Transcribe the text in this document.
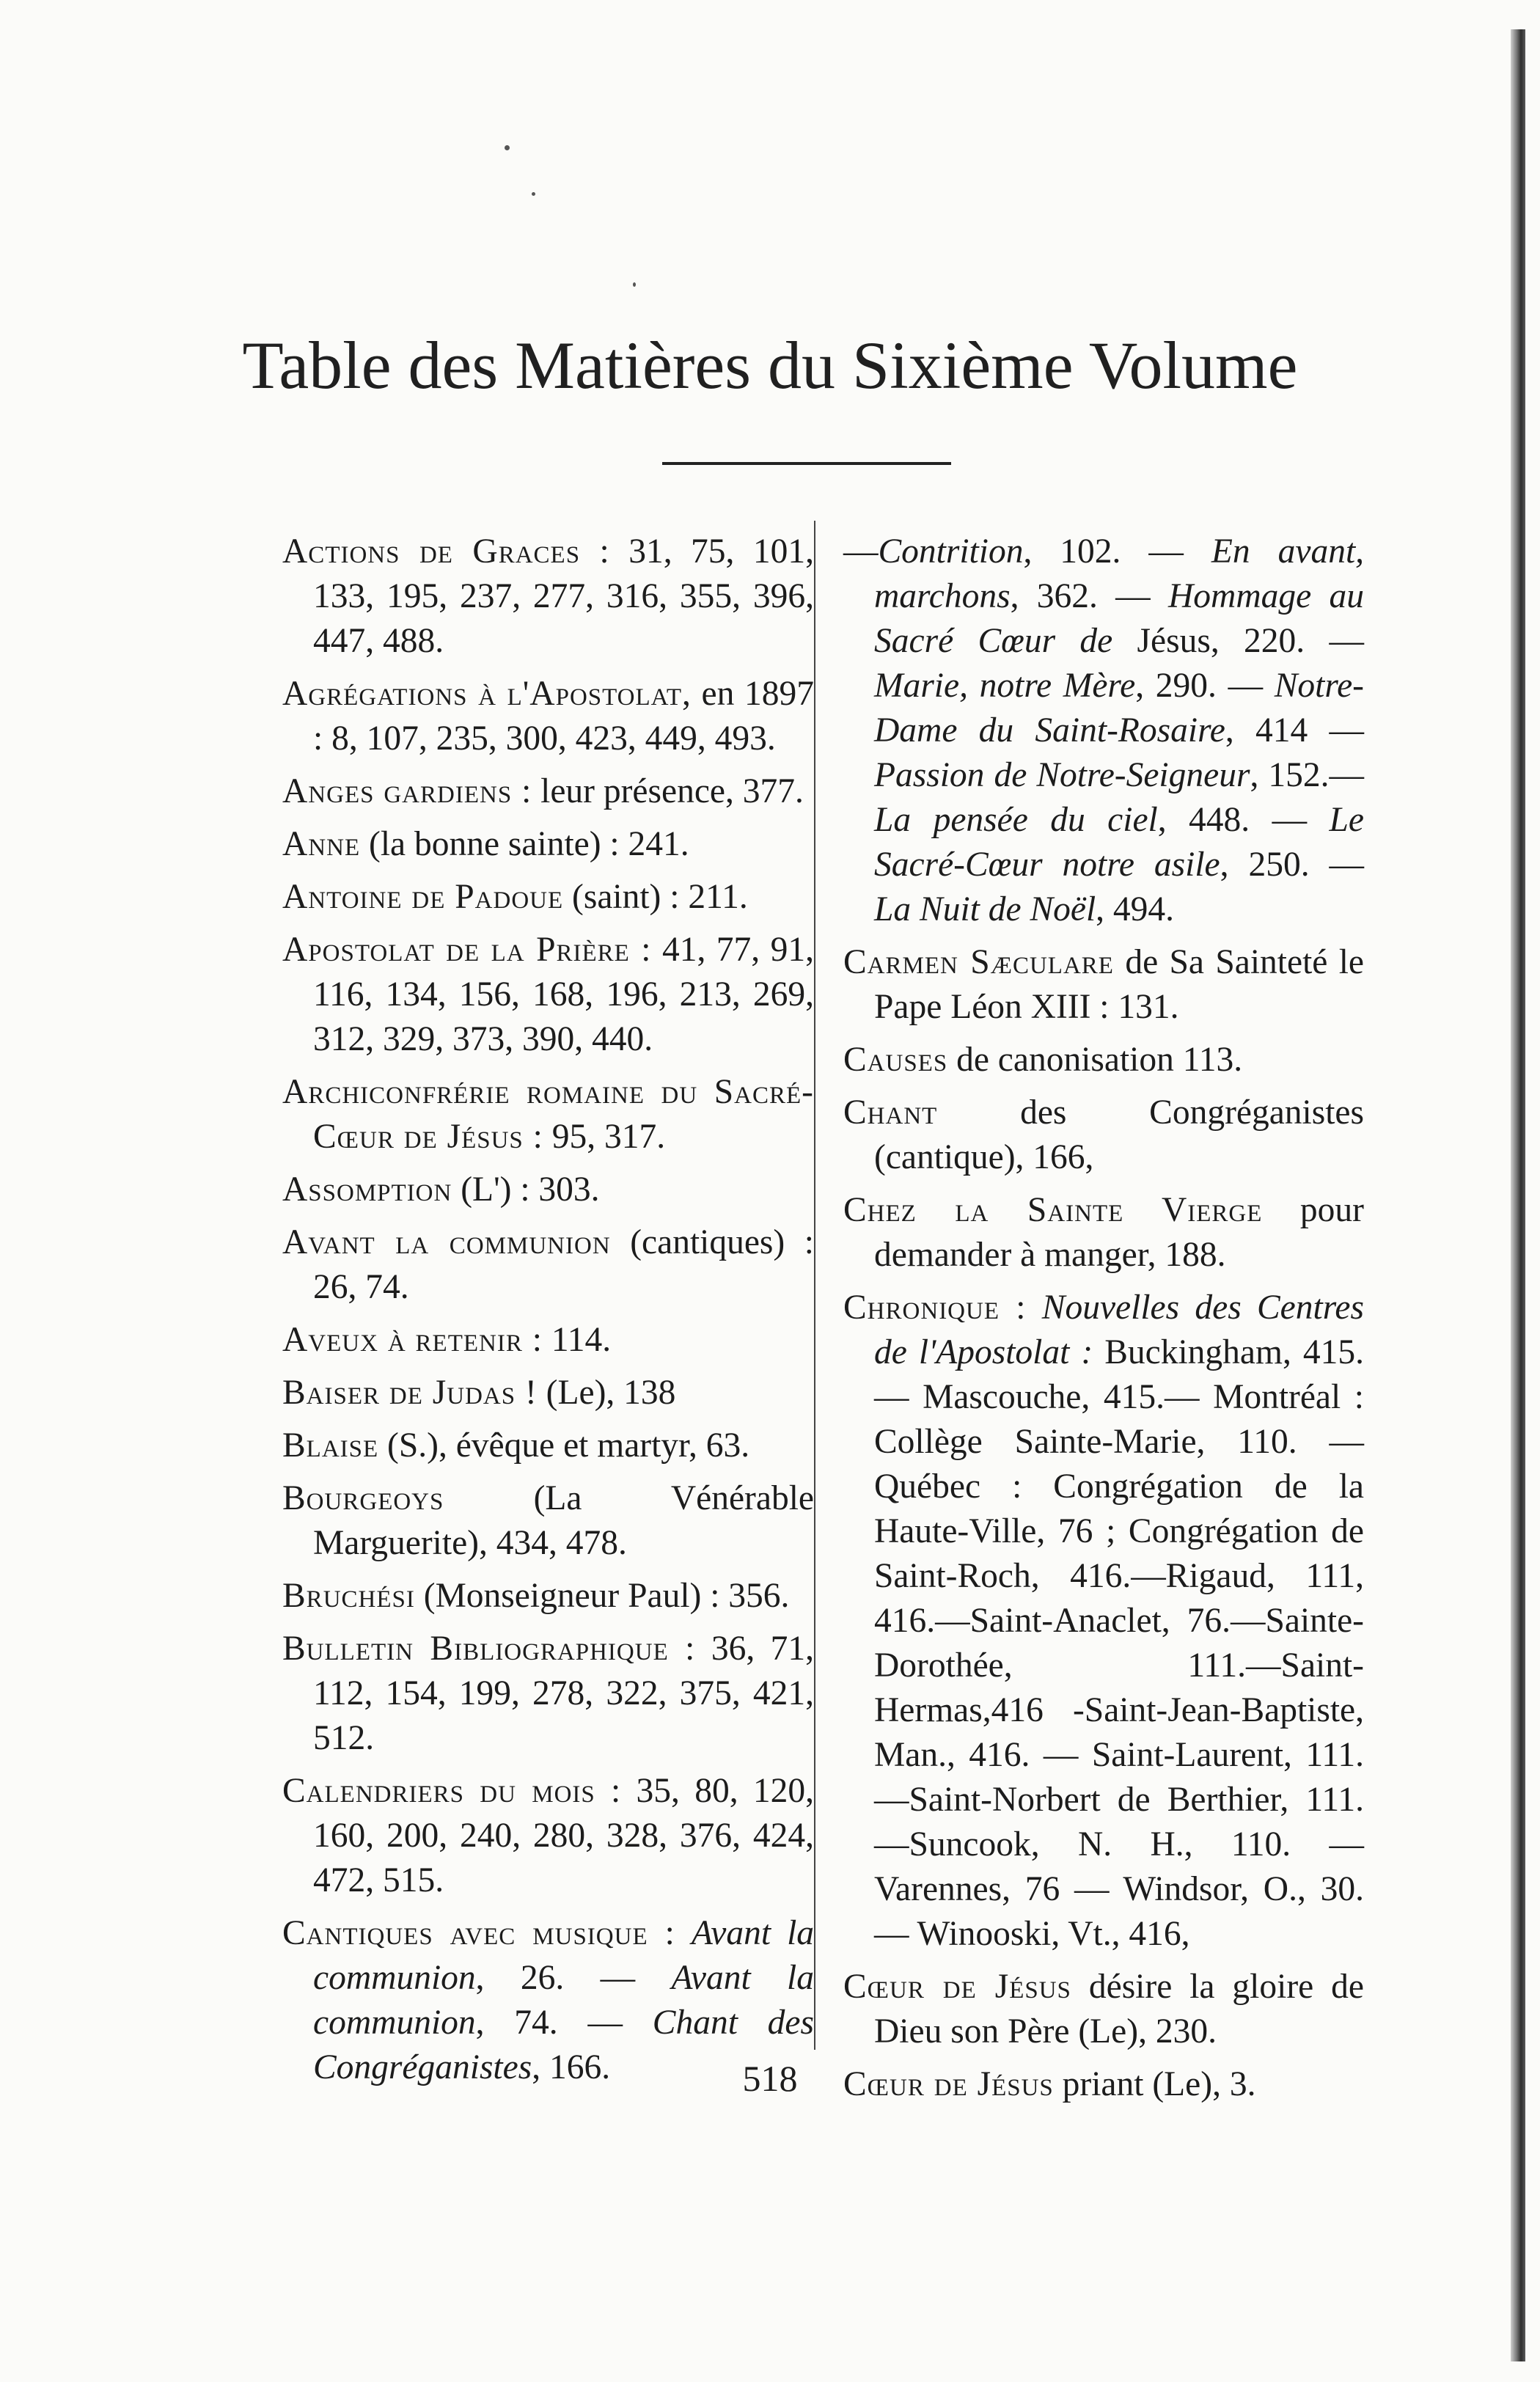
Table des Matières du Sixième Volume
Actions de Graces : 31, 75, 101, 133, 195, 237, 277, 316, 355, 396, 447, 488.
Agrégations à l'Apostolat, en 1897 : 8, 107, 235, 300, 423, 449, 493.
Anges gardiens : leur présence, 377.
Anne (la bonne sainte) : 241.
Antoine de Padoue (saint) : 211.
Apostolat de la Prière : 41, 77, 91, 116, 134, 156, 168, 196, 213, 269, 312, 329, 373, 390, 440.
Archiconfrérie romaine du Sacré-Cœur de Jésus : 95, 317.
Assomption (L') : 303.
Avant la communion (cantiques) : 26, 74.
Aveux à retenir : 114.
Baiser de Judas ! (Le), 138
Blaise (S.), évêque et martyr, 63.
Bourgeoys (La Vénérable Marguerite), 434, 478.
Bruchési (Monseigneur Paul) : 356.
Bulletin Bibliographique : 36, 71, 112, 154, 199, 278, 322, 375, 421, 512.
Calendriers du mois : 35, 80, 120, 160, 200, 240, 280, 328, 376, 424, 472, 515.
Cantiques avec musique : Avant la communion, 26. — Avant la communion, 74. — Chant des Congréganistes, 166.
—Contrition, 102. — En avant, marchons, 362. — Hommage au Sacré Cœur de Jésus, 220. — Marie, notre Mère, 290. — Notre-Dame du Saint-Rosaire, 414 — Passion de Notre-Seigneur, 152.—La pensée du ciel, 448. — Le Sacré-Cœur notre asile, 250. — La Nuit de Noël, 494.
Carmen Sæculare de Sa Sainteté le Pape Léon XIII : 131.
Causes de canonisation 113.
Chant des Congréganistes (cantique), 166,
Chez la Sainte Vierge pour demander à manger, 188.
Chronique : Nouvelles des Centres de l'Apostolat : Buckingham, 415. — Mascouche, 415.— Montréal : Collège Sainte-Marie, 110. — Québec : Congrégation de la Haute-Ville, 76 ; Congrégation de Saint-Roch, 416.—Rigaud, 111, 416.—Saint-Anaclet, 76.—Sainte-Dorothée, 111.—Saint-Hermas,416 -Saint-Jean-Baptiste, Man., 416. — Saint-Laurent, 111.—Saint-Norbert de Berthier, 111.—Suncook, N. H., 110. — Varennes, 76 — Windsor, O., 30. — Winooski, Vt., 416,
Cœur de Jésus désire la gloire de Dieu son Père (Le), 230.
Cœur de Jésus priant (Le), 3.
518
